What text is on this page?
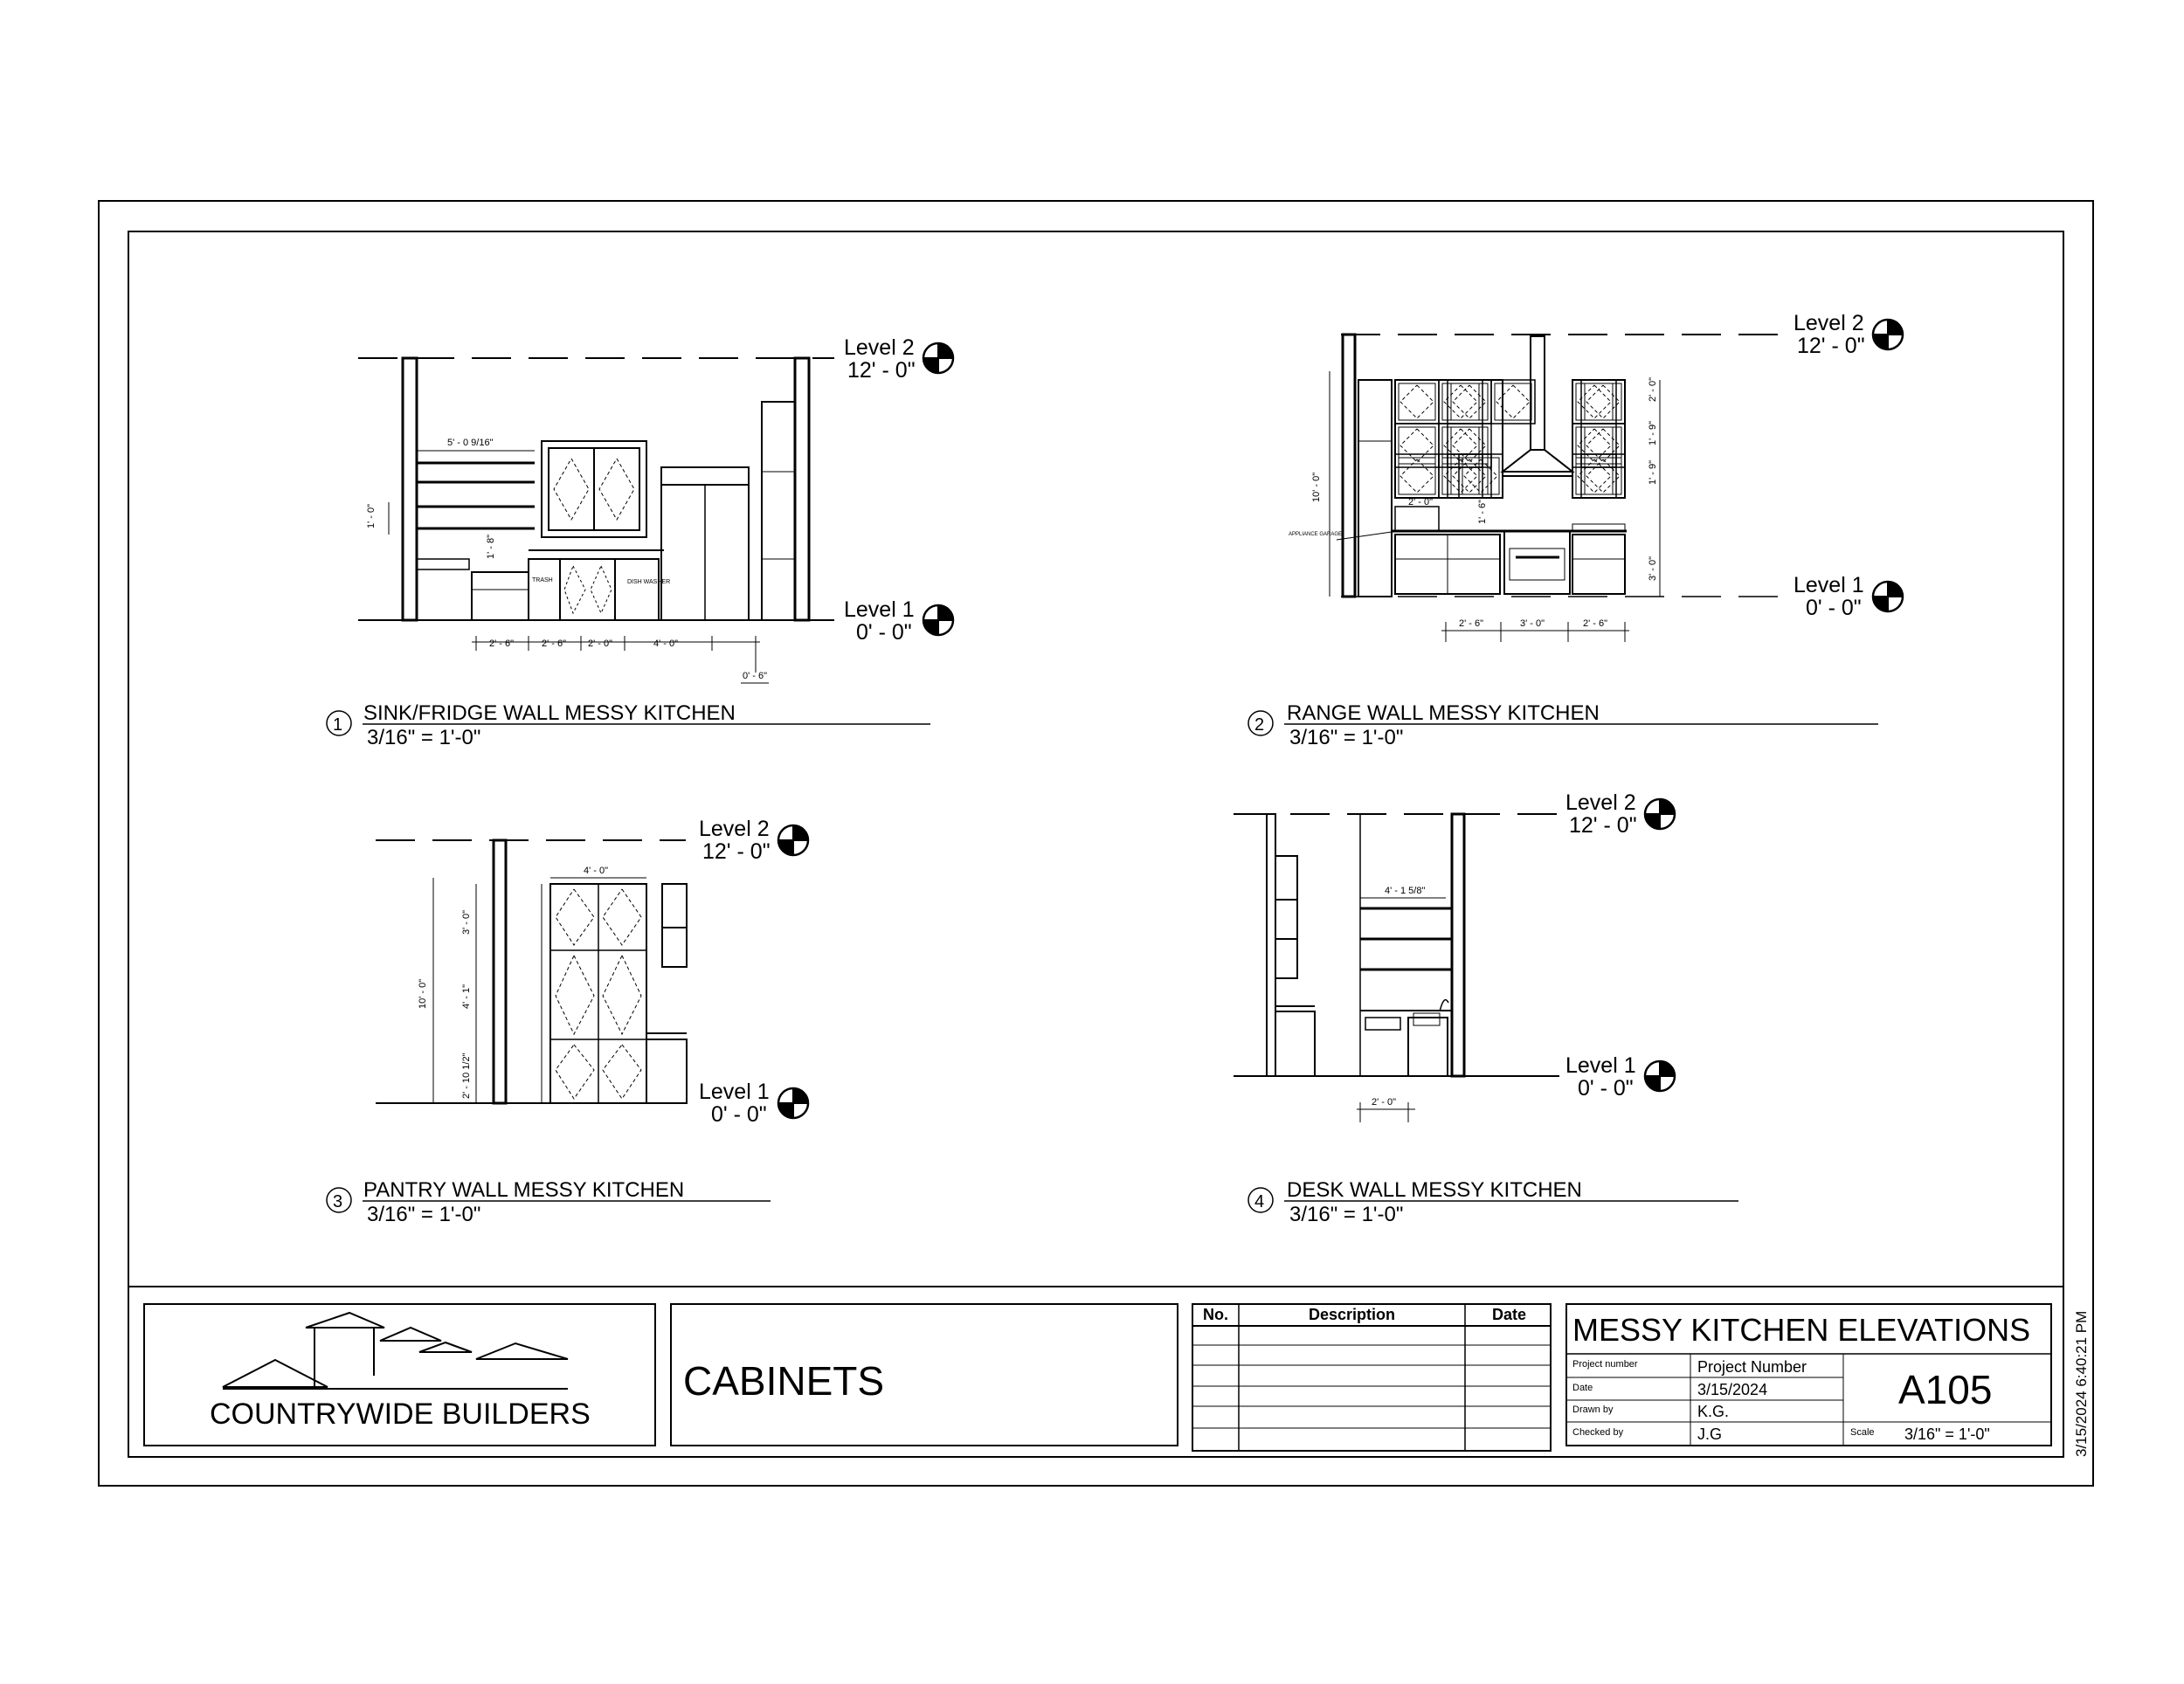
Level 2
12' - 0"
Level 1
0' - 0"
1' - 0"
5' - 0 9/16"
1' - 8"
TRASH	DISH WASHER
2' - 6"	2' - 6" 2' - 0"	4' - 0"
0' - 6"
1 SINK/FRIDGE WALL MESSY KITCHEN
3/16" = 1'-0"
Level 2
12' - 0"
Level 1
0' - 0"
10' - 0"
APPLIANCE GARAGE
2' - 0"
1' - 9"
1' - 9"
3' - 0"
2' - 0"	1' - 6"
2' - 6"	3' - 0"	2' - 6"
2 RANGE WALL MESSY KITCHEN
3/16" = 1'-0"
Level 2
12' - 0"
Level 1
0' - 0"
4' - 0"
10' - 0"
3' - 0"
4' - 1"
2' - 10 1/2"
3 PANTRY WALL MESSY KITCHEN
3/16" = 1'-0"
Level 2
12' - 0"
Level 1
0' - 0"
4' - 1 5/8"
2' - 0"
4 DESK WALL MESSY KITCHEN
3/16" = 1'-0"
COUNTRYWIDE BUILDERS
CABINETS
No.	Description	Date MESSY KITCHEN ELEVATIONS
Project number	Project Number
Date	3/15/2024
Drawn by	K.G.
Checked by	J.G
A105
Scale 3/16" = 1'-0"	3/15/2024 6:40:21 PM
